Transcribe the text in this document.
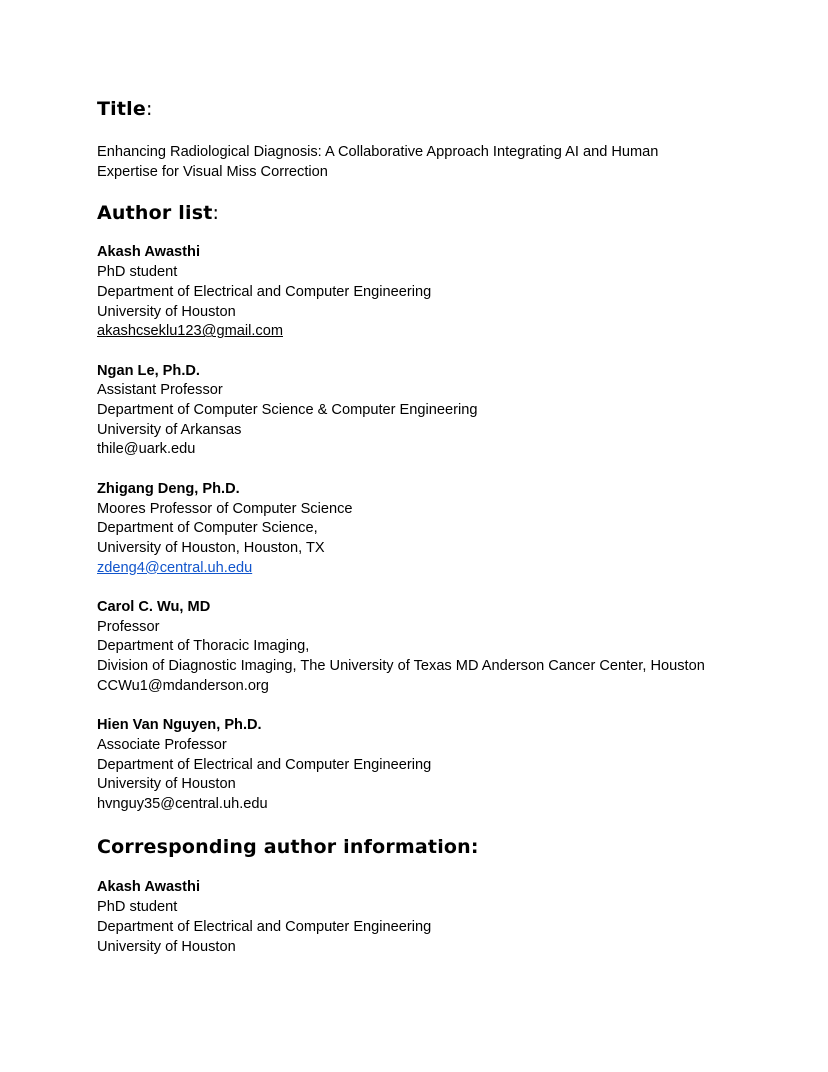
Title:
Enhancing Radiological Diagnosis: A Collaborative Approach Integrating AI and Human
Expertise for Visual Miss Correction
Author list:
Akash Awasthi
PhD student
Department of Electrical and Computer Engineering
University of Houston
akashcseklu123@gmail.com
Ngan Le, Ph.D.
Assistant Professor
Department of Computer Science & Computer Engineering
University of Arkansas
thile@uark.edu
Zhigang Deng, Ph.D.
Moores Professor of Computer Science
Department of Computer Science,
University of Houston, Houston, TX
zdeng4@central.uh.edu
Carol C. Wu, MD
Professor
Department of Thoracic Imaging,
Division of Diagnostic Imaging, The University of Texas MD Anderson Cancer Center, Houston
CCWu1@mdanderson.org
Hien Van Nguyen, Ph.D.
Associate Professor
Department of Electrical and Computer Engineering
University of Houston
hvnguy35@central.uh.edu
Corresponding author information:
Akash Awasthi
PhD student
Department of Electrical and Computer Engineering
University of Houston
